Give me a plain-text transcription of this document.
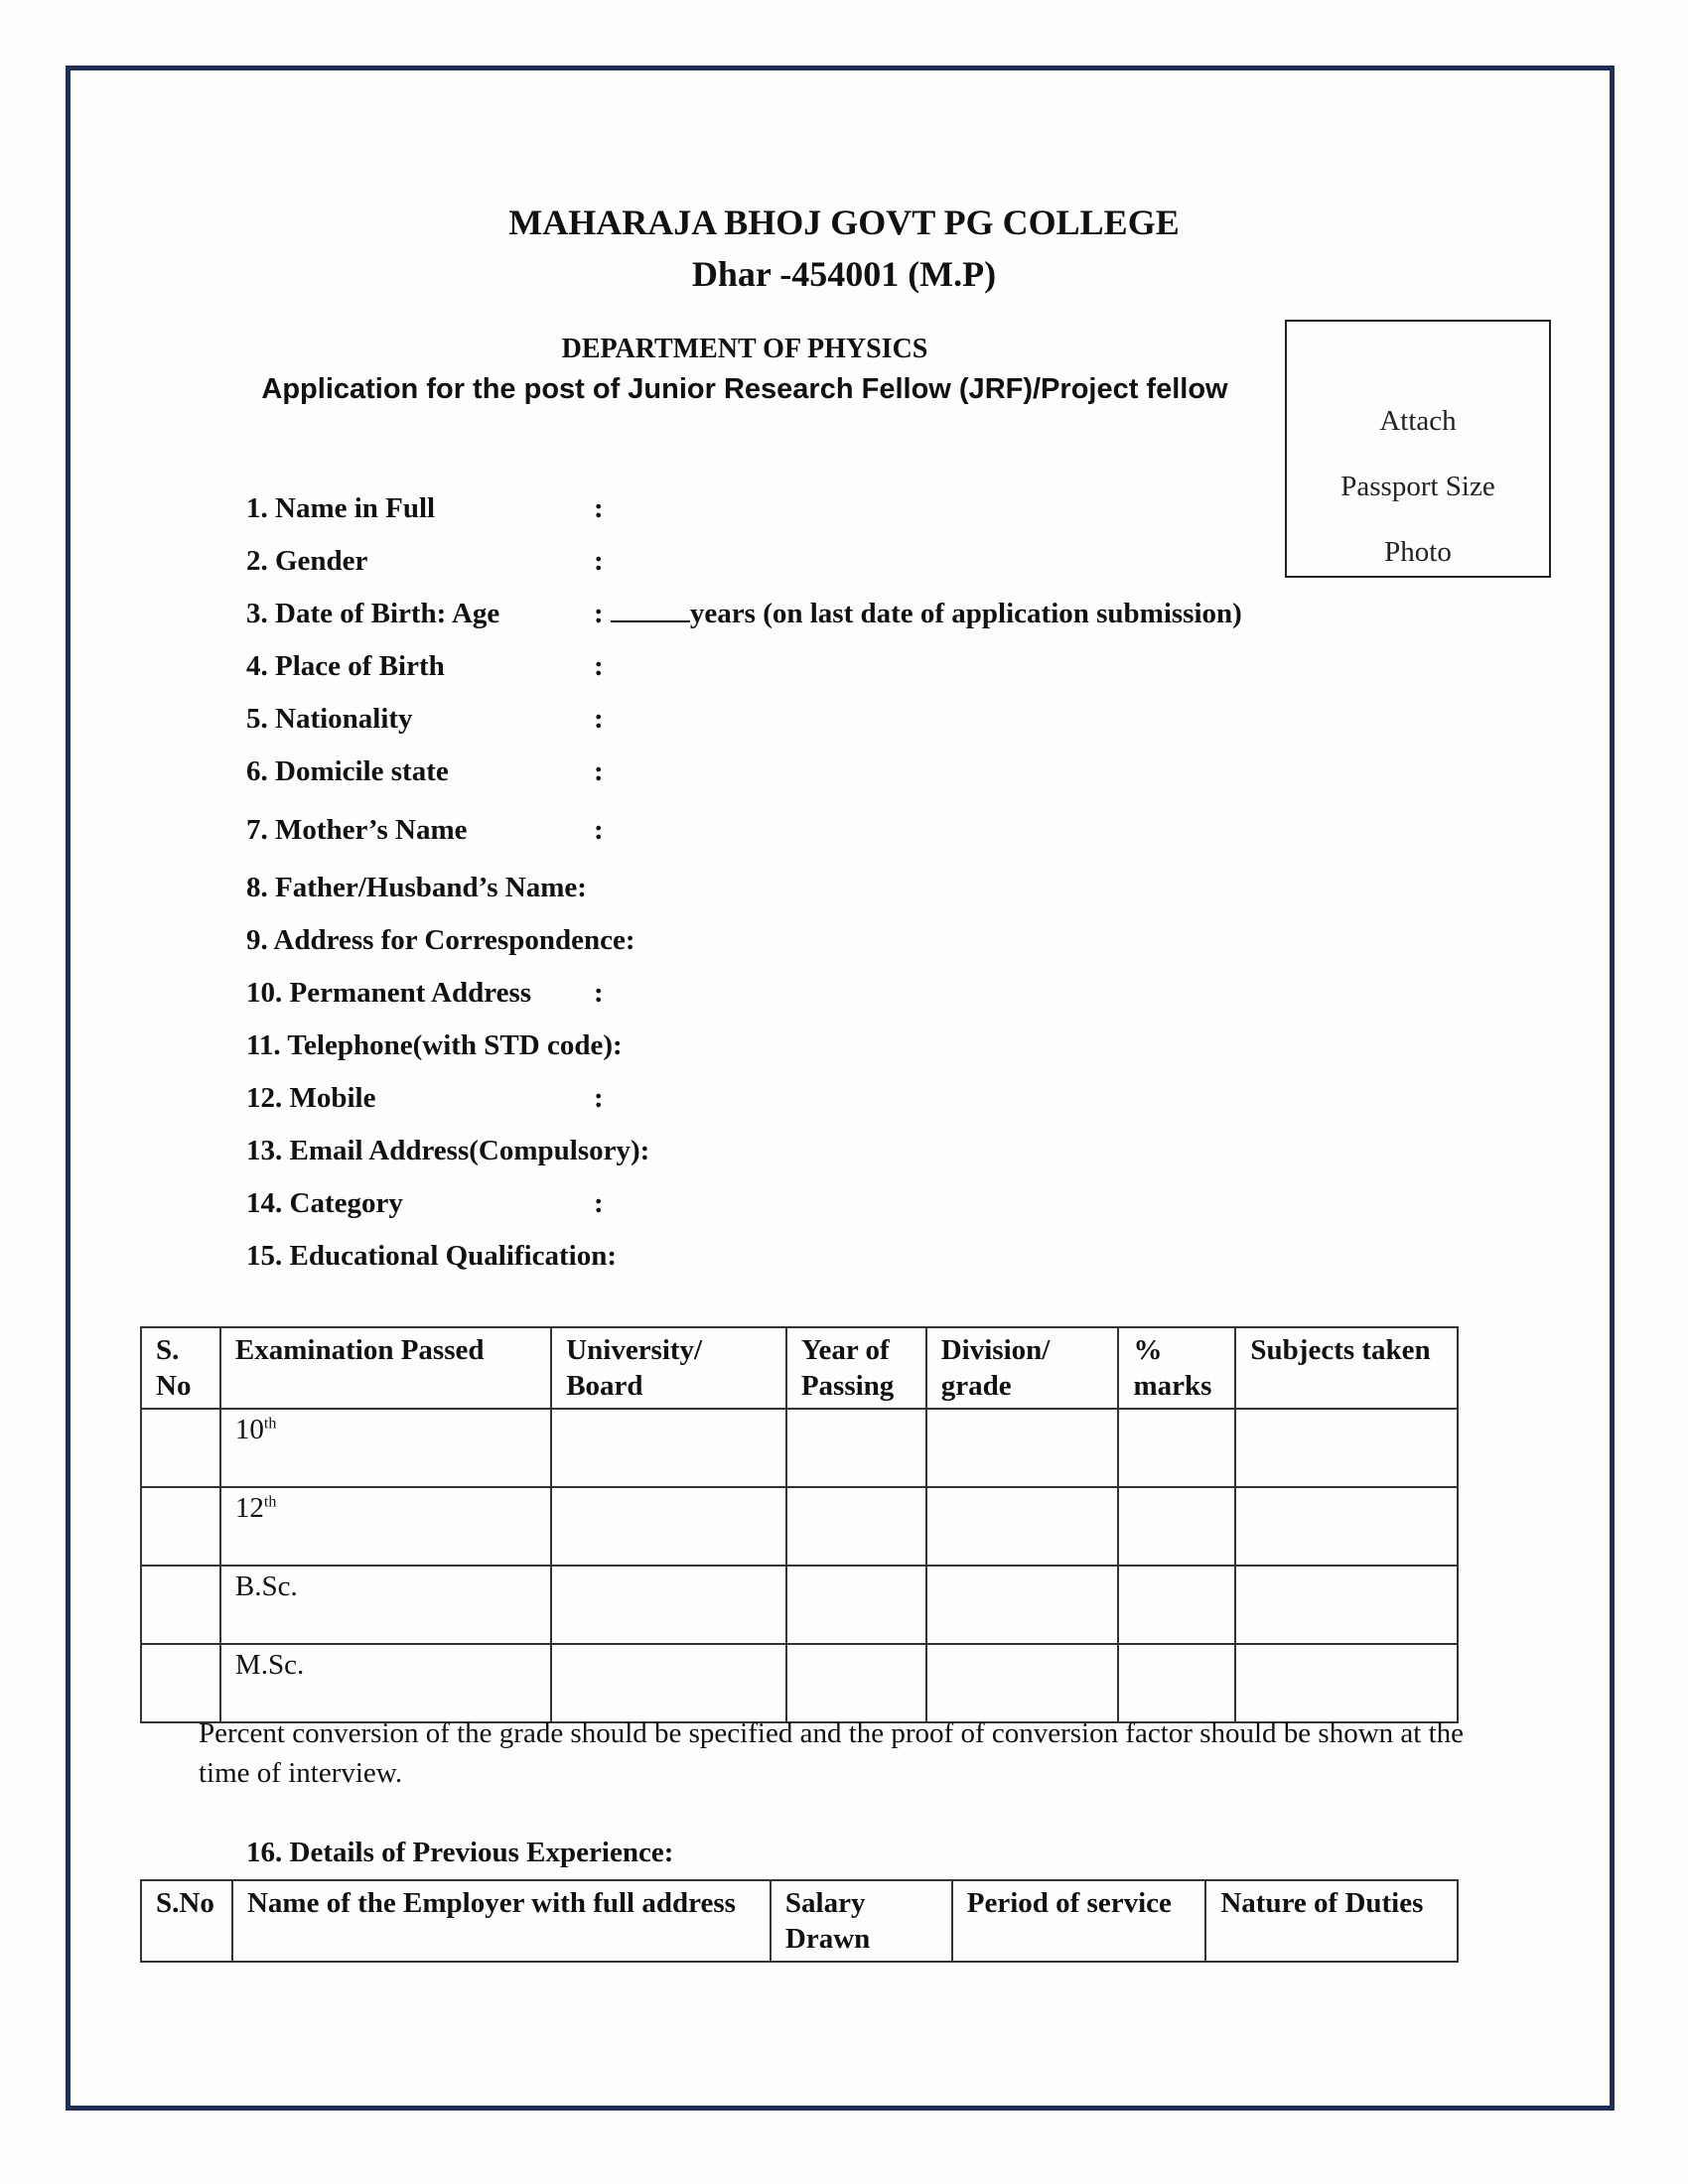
MAHARAJA BHOJ GOVT PG COLLEGE
Dhar -454001 (M.P)
DEPARTMENT OF PHYSICS
Application for the post of Junior Research Fellow (JRF)/Project fellow
Attach
Passport Size
Photo
1. Name in Full	:
2. Gender	:
3. Date of Birth: Age	:	years (on last date of application submission)
4. Place of Birth	:
5. Nationality	:
6. Domicile state	:
7. Mother’s Name	:
8. Father/Husband’s Name:
9. Address for Correspondence:
10. Permanent Address :
11. Telephone(with STD code):
12. Mobile	:
13. Email Address(Compulsory):
14. Category	:
15. Educational Qualification:
S. No	Examination Passed	University/ Board	Year of Passing	Division/ grade	% marks	Subjects taken
	10th					
	12th					
	B.Sc.					
	M.Sc.					
Percent conversion of the grade should be specified and the proof of conversion factor should be shown at the time of interview.
16. Details of Previous Experience:
S.No	Name of the Employer with full address	Salary Drawn	Period of service	Nature of Duties
